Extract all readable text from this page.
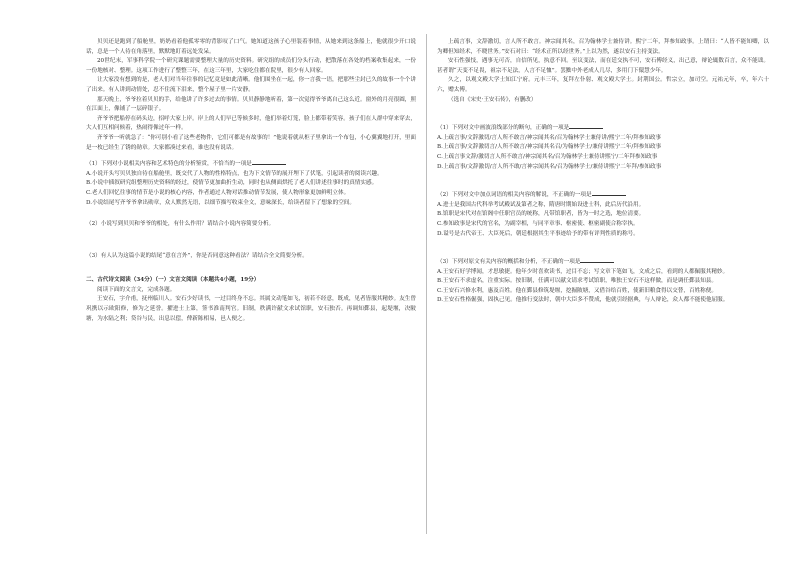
贝贝还是跑到了船舱里，奶奶看着他孤零零的背影叹了口气。她知道这孩子心里装着事情，从她来到这条船上，他就很少开口说话，总是一个人待在角落里，默默地盯着远处发呆。

20世纪末，军事科学院一个研究课题需要整理大量的历史资料。研究组的成员们分头行动，把散落在各处的档案收集起来，一份一份地核对、整理。这项工作进行了整整三年，在这三年里，大家吃住都在院里，很少有人回家。

让大家没有想到的是，老人们对当年往事的记忆竟是如此清晰。他们围坐在一起，你一言我一语，把那些尘封已久的故事一个个讲了出来。有人讲到动情处，忍不住流下泪来，整个屋子里一片安静。

那天晚上，爷爷拉着贝贝的手，给他讲了许多过去的事情。贝贝静静地听着，第一次觉得爷爷离自己这么近。窗外的月亮很圆，照在江面上，像铺了一层碎银子。

齐爷爷把船停在码头边，招呼大家上岸。岸上的人们早已等候多时，他们举着灯笼，脸上都带着笑容。孩子们在人群中穿来穿去，大人们互相问候着，热闹得像过年一样。

齐爷爷一听就急了：“你可别小看了这些老物件，它们可都是有故事的！”他说着就从柜子里拿出一个布包，小心翼翼地打开，里面是一枚已经生了锈的勋章。大家都凑过来看，谁也没有说话。

（1）下列对小说相关内容和艺术特色的分析鉴赏，不恰当的一项是

A.小说开头写贝贝独自待在船舱里，既交代了人物的性格特点，也为下文情节的展开埋下了伏笔，引起读者的阅读兴趣。

B.小说中插叙研究组整理历史资料的经过，使情节更加曲折生动，同时也从侧面烘托了老人们讲述往事时的真情实感。

C.老人们回忆往事的情节是小说的核心内容，作者通过人物对话推动情节发展，使人物形象更加鲜明立体。

D.小说结尾写齐爷爷拿出勋章，众人默然无语，以细节描写收束全文，意味深长，给读者留下了想象的空间。

（2）小说写到贝贝和爷爷的相处，有什么作用？请结合小说内容简要分析。

（3）有人认为这篇小说的结尾“意在言外”，你是否同意这种看法？请结合全文简要分析。

二、古代诗文阅读（34分）（一）文言文阅读（本题共4小题，19分）

阅读下面的文言文，完成各题。

王安石，字介甫，抚州临川人。安石少好读书，一过目终身不忘。其属文动笔如飞，初若不经意，既成，见者皆服其精妙。友生曾巩携以示欧阳修，修为之延誉。擢进士上第，签书淮南判官。旧制，秩满许献文求试馆职，安石独否。再调知鄞县，起堤堰，决陂塘，为水陆之利；贷谷与民，出息以偿，俾新陈相易，邑人便之。

上疏言事，文辞激切，言人所不敢言。神宗闻其名，召为翰林学士兼侍讲。熙宁二年，拜参知政事。上谓曰：“人皆不能知卿，以为卿但知经术，不晓世务。”安石对曰：“经术正所以经世务。”上以为然，遂以安石主持变法。

安石性强忮，遇事无可否，自信所见，执意不回。至议变法，而在廷交执不可，安石傅经义，出己意，辩论辄数百言，众不能诎。甚者谓“天变不足畏，祖宗不足法，人言不足恤”。罢黜中外老成人几尽，多用门下儇慧少年。

久之，以观文殿大学士知江宁府。元丰三年，复拜左仆射、观文殿大学士。封荆国公。哲宗立，加司空。元祐元年，卒，年六十六，赠太傅。

（选自《宋史·王安石传》，有删改）

（1）下列对文中画波浪线部分的断句，正确的一项是

A.上疏言事/文辞激切/言人所不敢言/神宗闻其名/召为翰林学士兼侍讲/熙宁二年/拜参知政事

B.上疏言事/文辞激切言/人所不敢言/神宗闻其名召/为翰林学士/兼侍讲熙宁二年/拜参知政事

C.上疏言事文辞/激切言人所不敢言/神宗闻其名/召为翰林学士兼侍讲熙宁/二年拜参知政事

D.上疏言事/文辞激切/言人所不敢/言神宗闻其名/召为翰林学士/兼侍讲熙宁二年拜/参知政事

（2）下列对文中加点词语的相关内容的解说，不正确的一项是

A.进士是我国古代科举考试殿试及第者之称，隋唐时期始设进士科，此后历代沿用。

B.馆职是宋代对在馆阁中任职官员的统称，凡带馆职者，皆为一时之选，地位清要。

C.参知政事是宋代的官名，为副宰相，与同平章事、枢密使、枢密副使合称宰执。

D.谥号是古代帝王、大臣死后，朝廷根据其生平事迹给予的带有评判性质的称号。

（3）下列对原文有关内容的概括和分析，不正确的一项是

A.王安石好学博闻，才思敏捷。他年少时喜欢读书，过目不忘；写文章下笔如飞，文成之后，看到的人都佩服其精妙。

B.王安石不求虚名，注重实际。按旧制，任满可以献文请求考试馆职，唯独王安石不这样做，而是调任鄞县知县。

C.王安石兴修水利，惠及百姓。他在鄞县修筑堤堰，挖掘陂塘，又借谷给百姓，使新旧粮食得以交替，百姓称便。

D.王安石性格倔强，固执己见。他推行变法时，朝中大臣多不赞成，他就引经据典，与人辩论，众人都不能使他屈服。
